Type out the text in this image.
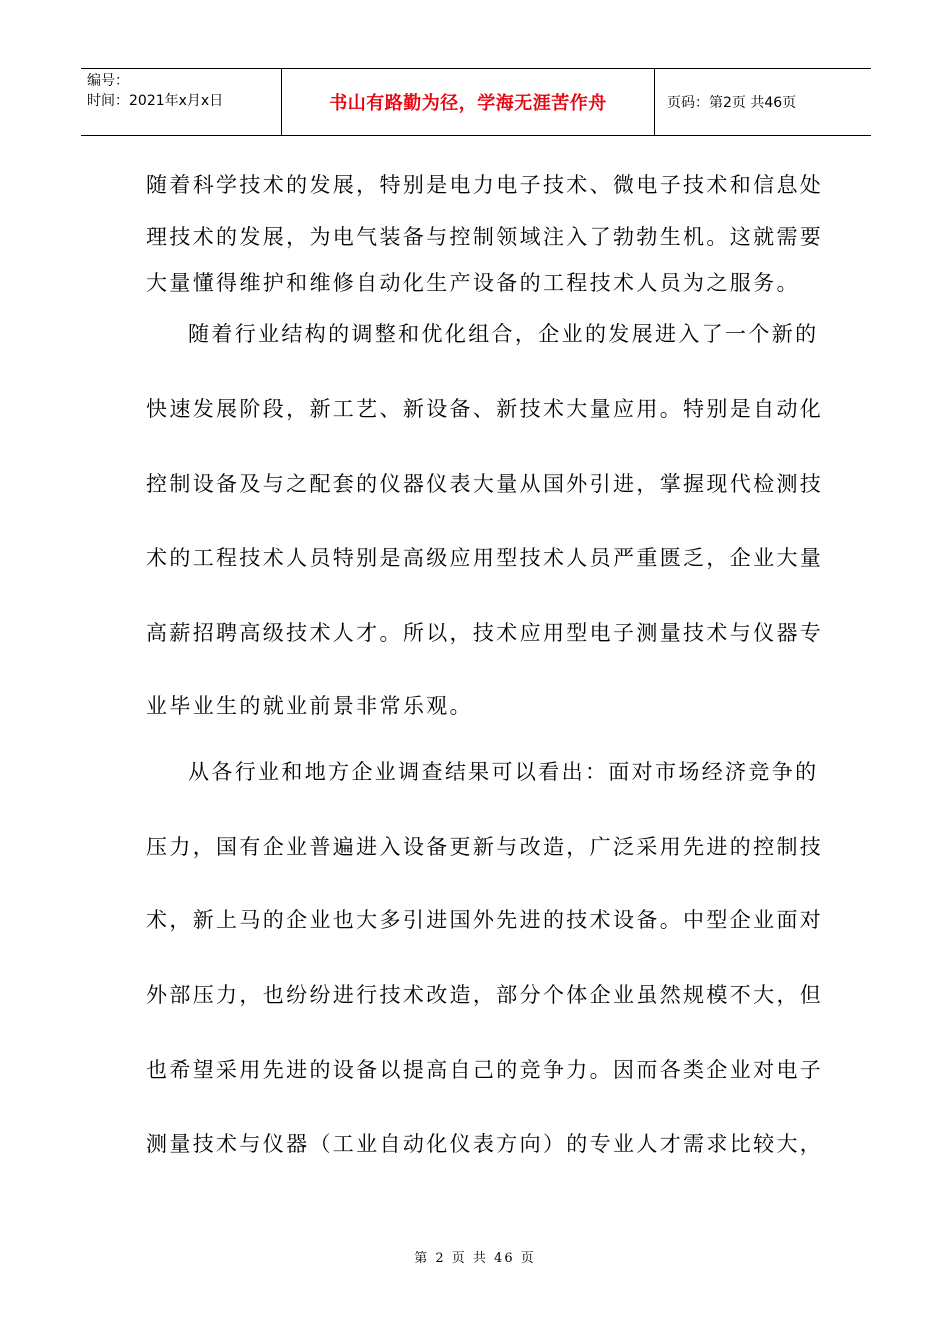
编号：
时间：2021年x月x日	书山有路勤为径，学海无涯苦作舟	页码：第2页 共46页
随着科学技术的发展，特别是电力电子技术、微电子技术和信息处
理技术的发展，为电气装备与控制领域注入了勃勃生机。这就需要
大量懂得维护和维修自动化生产设备的工程技术人员为之服务。
随着行业结构的调整和优化组合，企业的发展进入了一个新的
快速发展阶段，新工艺、新设备、新技术大量应用。特别是自动化
控制设备及与之配套的仪器仪表大量从国外引进，掌握现代检测技
术的工程技术人员特别是高级应用型技术人员严重匮乏，企业大量
高薪招聘高级技术人才。所以，技术应用型电子测量技术与仪器专
业毕业生的就业前景非常乐观。
从各行业和地方企业调查结果可以看出：面对市场经济竞争的
压力，国有企业普遍进入设备更新与改造，广泛采用先进的控制技
术，新上马的企业也大多引进国外先进的技术设备。中型企业面对
外部压力，也纷纷进行技术改造，部分个体企业虽然规模不大，但
也希望采用先进的设备以提高自己的竞争力。因而各类企业对电子
测量技术与仪器（工业自动化仪表方向）的专业人才需求比较大，
第 2 页 共 46 页
